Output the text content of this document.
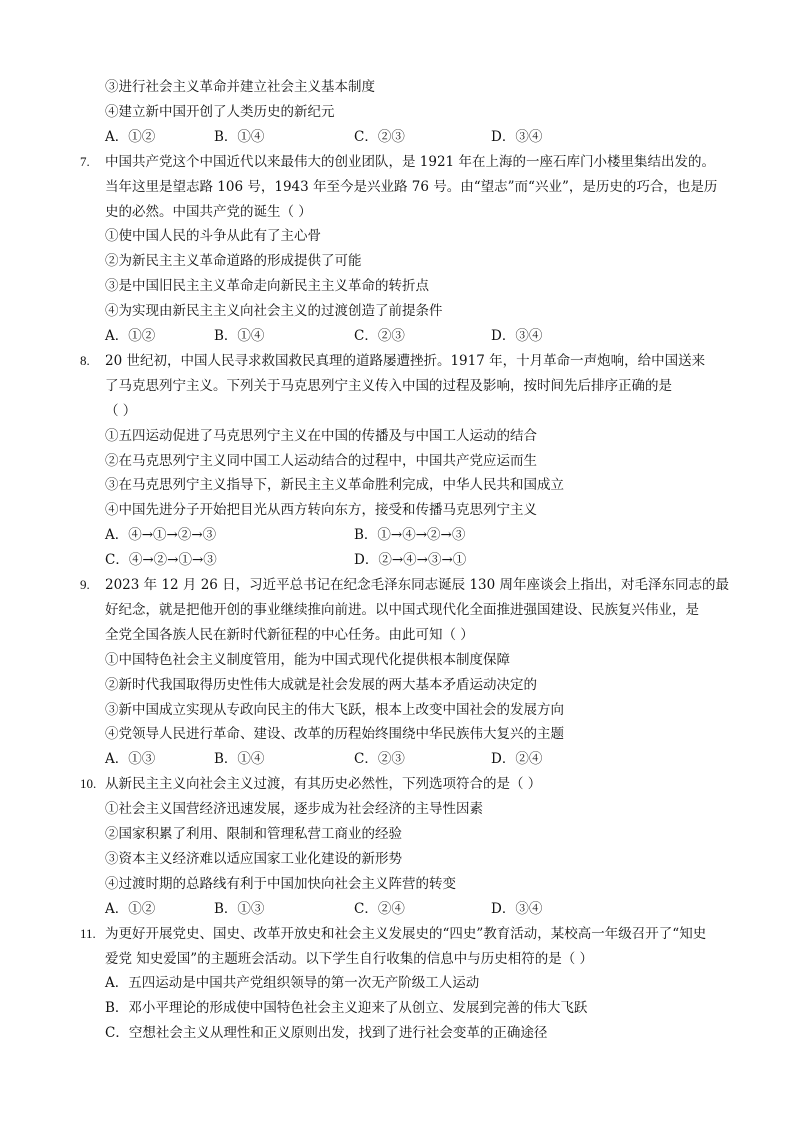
③进行社会主义革命并建立社会主义基本制度
④建立新中国开创了人类历史的新纪元
A．①②	B．①④	C．②③	D．③④
7. 中国共产党这个中国近代以来最伟大的创业团队，是 1921 年在上海的一座石库门小楼里集结出发的。
当年这里是望志路 106 号，1943 年至今是兴业路 76 号。由“望志”而“兴业”，是历史的巧合，也是历
史的必然。中国共产党的诞生（ ）
①使中国人民的斗争从此有了主心骨
②为新民主主义革命道路的形成提供了可能
③是中国旧民主主义革命走向新民主主义革命的转折点
④为实现由新民主主义向社会主义的过渡创造了前提条件
A．①②	B．①④	C．②③	D．③④
8. 20 世纪初，中国人民寻求救国救民真理的道路屡遭挫折。1917 年，十月革命一声炮响，给中国送来
了马克思列宁主义。下列关于马克思列宁主义传入中国的过程及影响，按时间先后排序正确的是
（ ）
①五四运动促进了马克思列宁主义在中国的传播及与中国工人运动的结合
②在马克思列宁主义同中国工人运动结合的过程中，中国共产党应运而生
③在马克思列宁主义指导下，新民主主义革命胜利完成，中华人民共和国成立
④中国先进分子开始把目光从西方转向东方，接受和传播马克思列宁主义
A．④→①→②→③	B．①→④→②→③
C．④→②→①→③	D．②→④→③→①
9. 2023 年 12 月 26 日，习近平总书记在纪念毛泽东同志诞辰 130 周年座谈会上指出，对毛泽东同志的最
好纪念，就是把他开创的事业继续推向前进。以中国式现代化全面推进强国建设、民族复兴伟业，是
全党全国各族人民在新时代新征程的中心任务。由此可知（ ）
①中国特色社会主义制度管用，能为中国式现代化提供根本制度保障
②新时代我国取得历史性伟大成就是社会发展的两大基本矛盾运动决定的
③新中国成立实现从专政向民主的伟大飞跃，根本上改变中国社会的发展方向
④党领导人民进行革命、建设、改革的历程始终围绕中华民族伟大复兴的主题
A．①③	B．①④	C．②③	D．②④
10. 从新民主主义向社会主义过渡，有其历史必然性，下列选项符合的是（ ）
①社会主义国营经济迅速发展，逐步成为社会经济的主导性因素
②国家积累了利用、限制和管理私营工商业的经验
③资本主义经济难以适应国家工业化建设的新形势
④过渡时期的总路线有利于中国加快向社会主义阵营的转变
A．①②	B．①③	C．②④	D．③④
11. 为更好开展党史、国史、改革开放史和社会主义发展史的“四史”教育活动，某校高一年级召开了“知史
爱党 知史爱国”的主题班会活动。以下学生自行收集的信息中与历史相符的是（ ）
A．五四运动是中国共产党组织领导的第一次无产阶级工人运动
B．邓小平理论的形成使中国特色社会主义迎来了从创立、发展到完善的伟大飞跃
C．空想社会主义从理性和正义原则出发，找到了进行社会变革的正确途径
